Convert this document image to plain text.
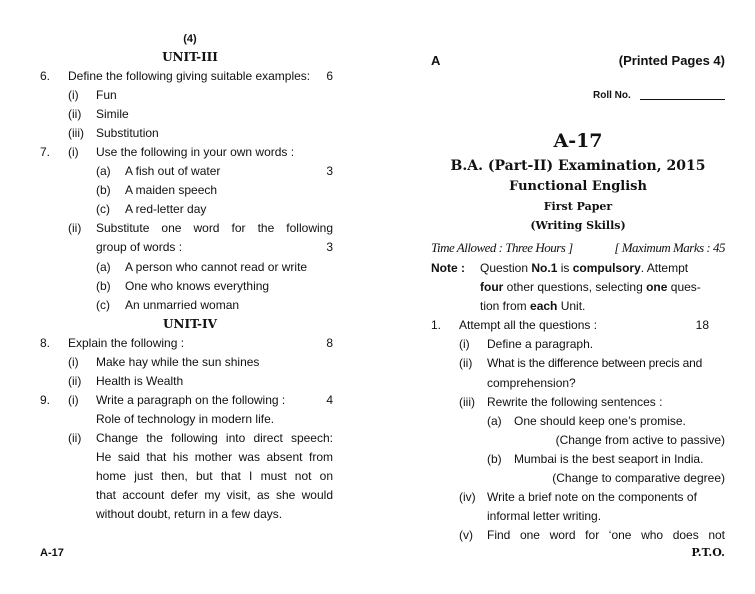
(4)
UNIT-III
6. Define the following giving suitable examples: 6
(i) Fun
(ii) Simile
(iii) Substitution
7. (i) Use the following in your own words :
(a) A fish out of water	3
(b) A maiden speech
(c) A red-letter day
(ii) Substitute one word for the following
group of words :	3
(a) A person who cannot read or write
(b) One who knows everything
(c) An unmarried woman
UNIT-IV
8. Explain the following :	8
(i) Make hay while the sun shines
(ii) Health is Wealth
9. (i) Write a paragraph on the following :	4
Role of technology in modern life.
(ii) Change the following into direct speech:
He said that his mother was absent from
home just then, but that I must not on
that account defer my visit, as she would
without doubt, return in a few days.
A-17
A	(Printed Pages 4)
Roll No.
A-17
B.A. (Part-II) Examination, 2015
Functional English
First Paper
(Writing Skills)
Time Allowed : Three Hours ]	[ Maximum Marks : 45
Note : Question No.1 is compulsory. Attempt
four other questions, selecting one ques-
tion from each Unit.
1. Attempt all the questions :	18
(i) Define a paragraph.
(ii) What is the difference between precis and
comprehension?
(iii) Rewrite the following sentences :
(a) One should keep one’s promise.
(Change from active to passive)
(b) Mumbai is the best seaport in India.
(Change to comparative degree)
(iv) Write a brief note on the components of
informal letter writing.
(v) Find one word for ‘one who does not
P.T.O.
